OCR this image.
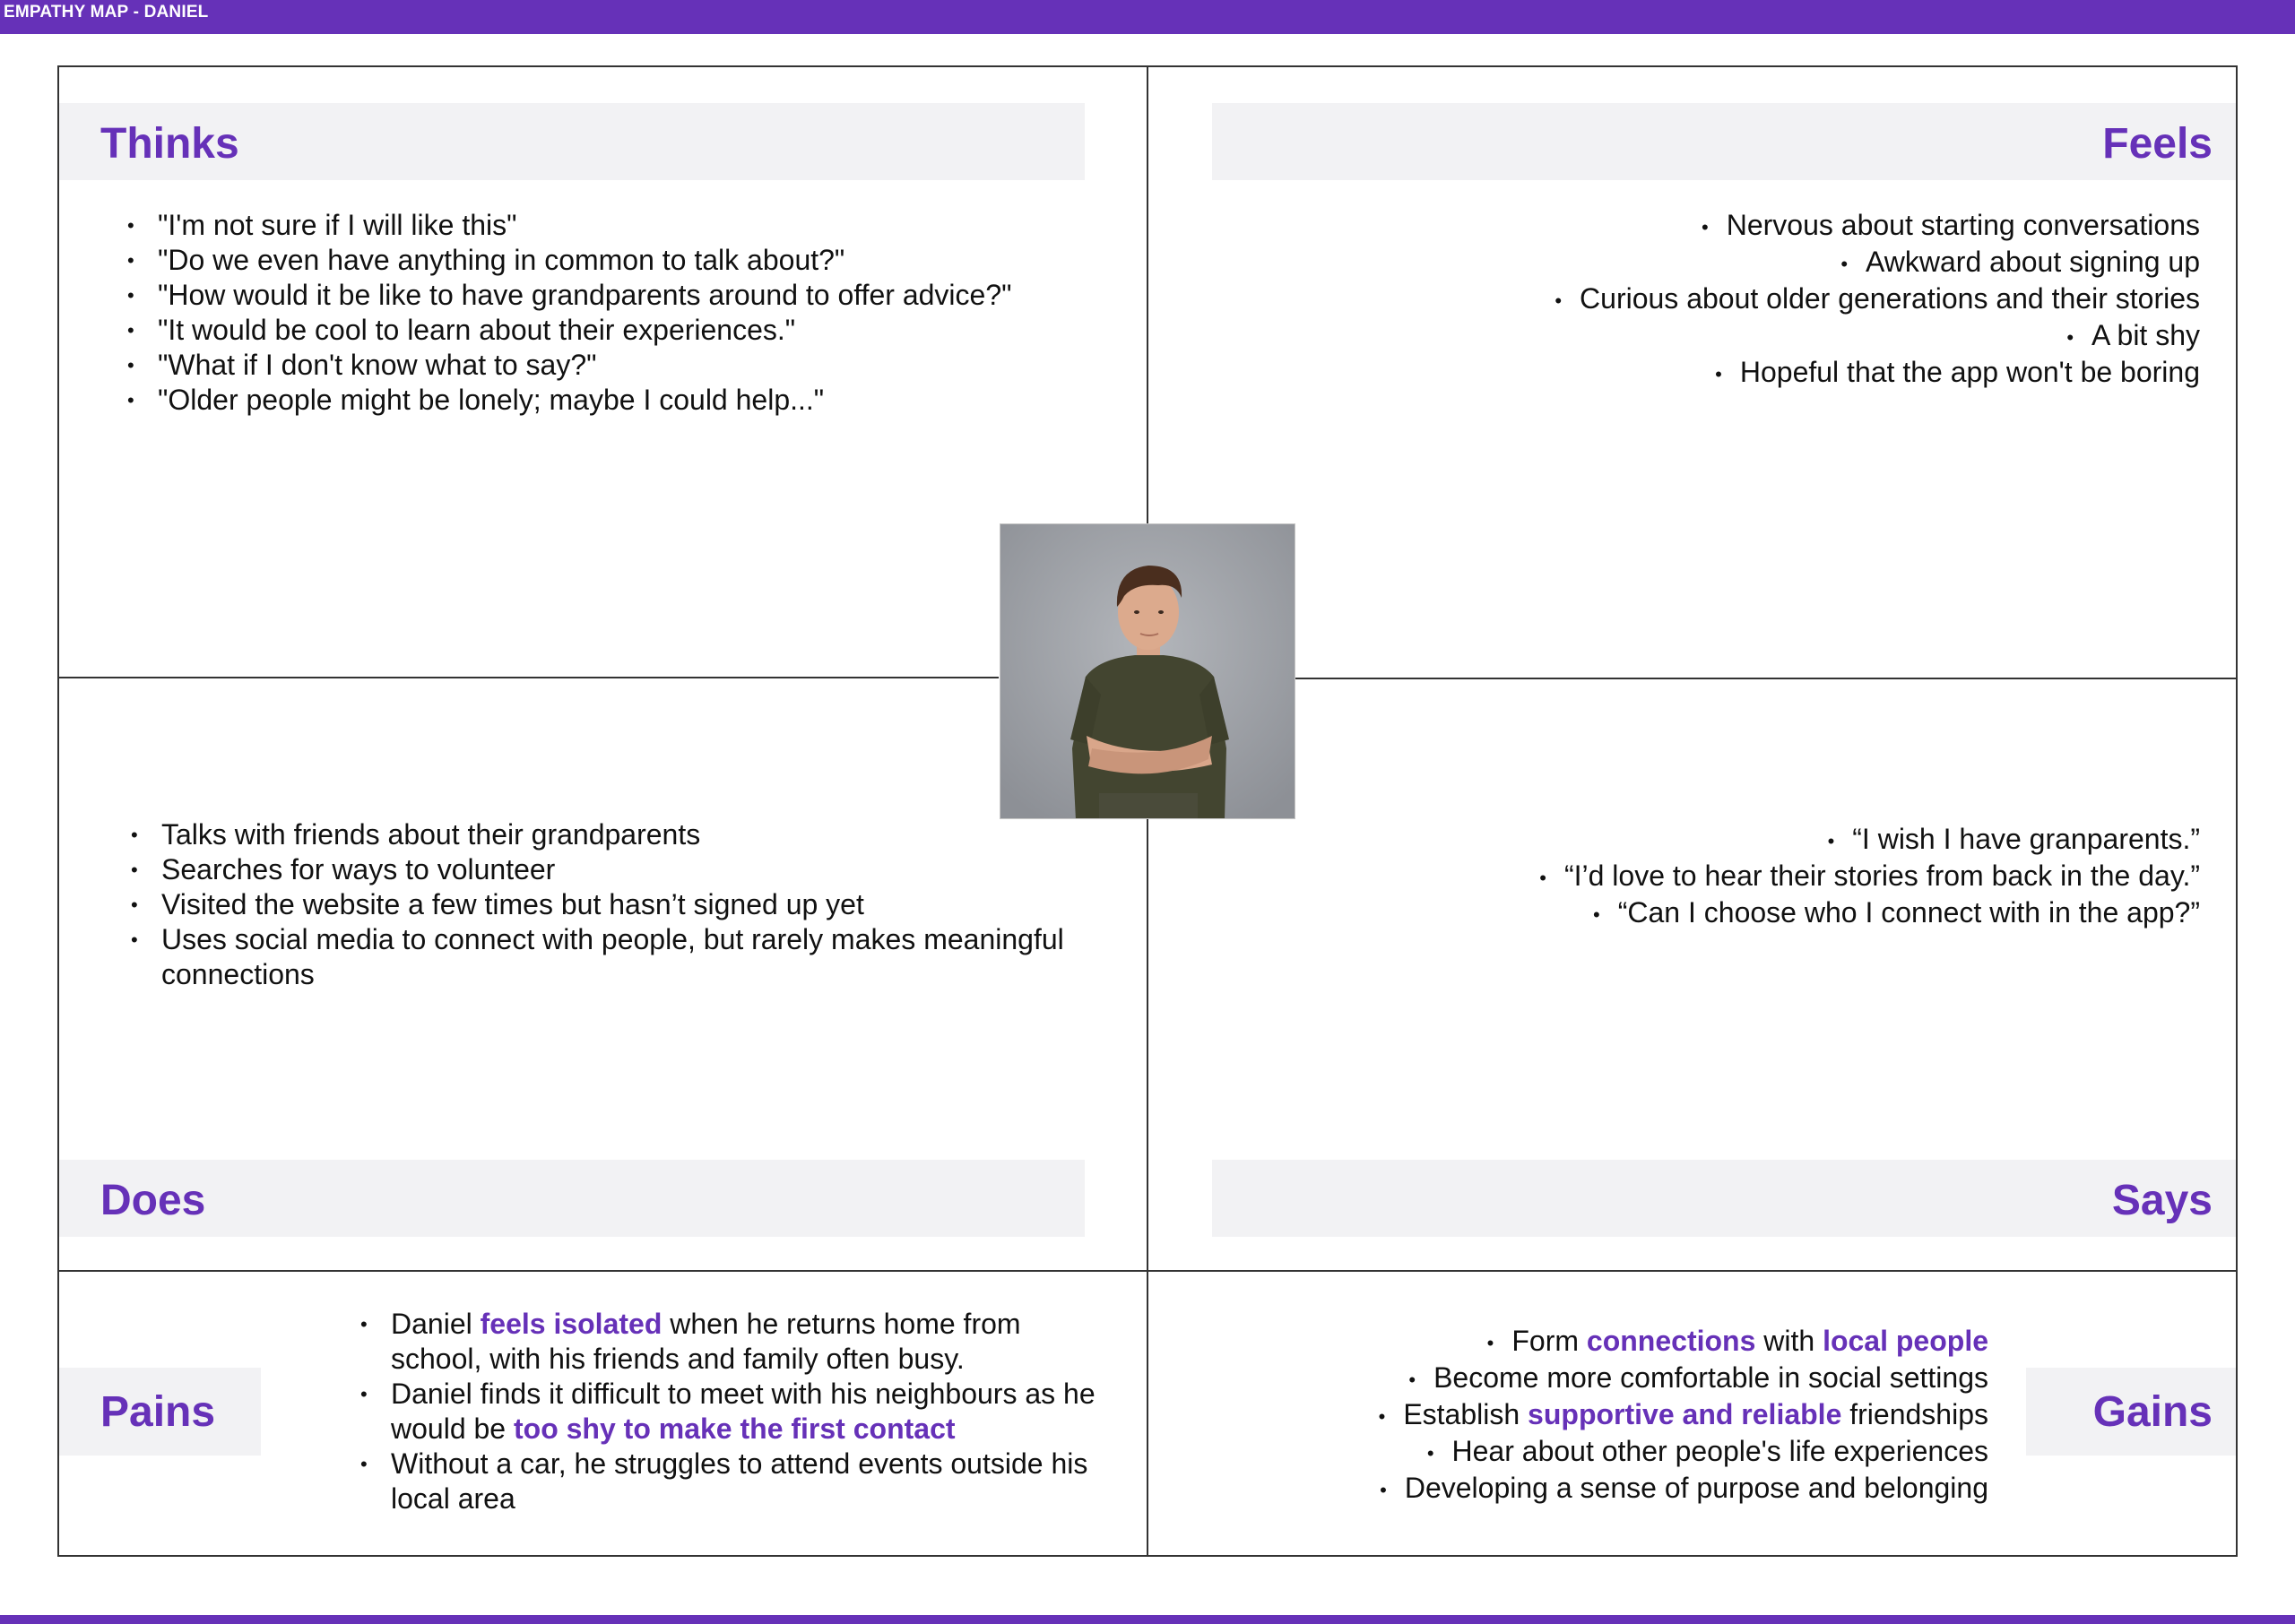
EMPATHY MAP - DANIEL
Thinks
• "I'm not sure if I will like this"
• "Do we even have anything in common to talk about?"
• "How would it be like to have grandparents around to offer advice?"
• "It would be cool to learn about their experiences."
• "What if I don't know what to say?"
• "Older people might be lonely; maybe I could help..."
Feels
• Nervous about starting conversations
• Awkward about signing up
• Curious about older generations and their stories
• A bit shy
• Hopeful that the app won't be boring
• Talks with friends about their grandparents
• Searches for ways to volunteer
• Visited the website a few times but hasn’t signed up yet
• Uses social media to connect with people, but rarely makes meaningful connections
Does
• “I wish I have granparents.”
• “I’d love to hear their stories from back in the day.”
• “Can I choose who I connect with in the app?”
Says
Pains
• Daniel feels isolated when he returns home from school, with his friends and family often busy.
• Daniel finds it difficult to meet with his neighbours as he would be too shy to make the first contact
• Without a car, he struggles to attend events outside his local area
• Form connections with local people
• Become more comfortable in social settings
• Establish supportive and reliable friendships
• Hear about other people's life experiences
• Developing a sense of purpose and belonging
Gains
